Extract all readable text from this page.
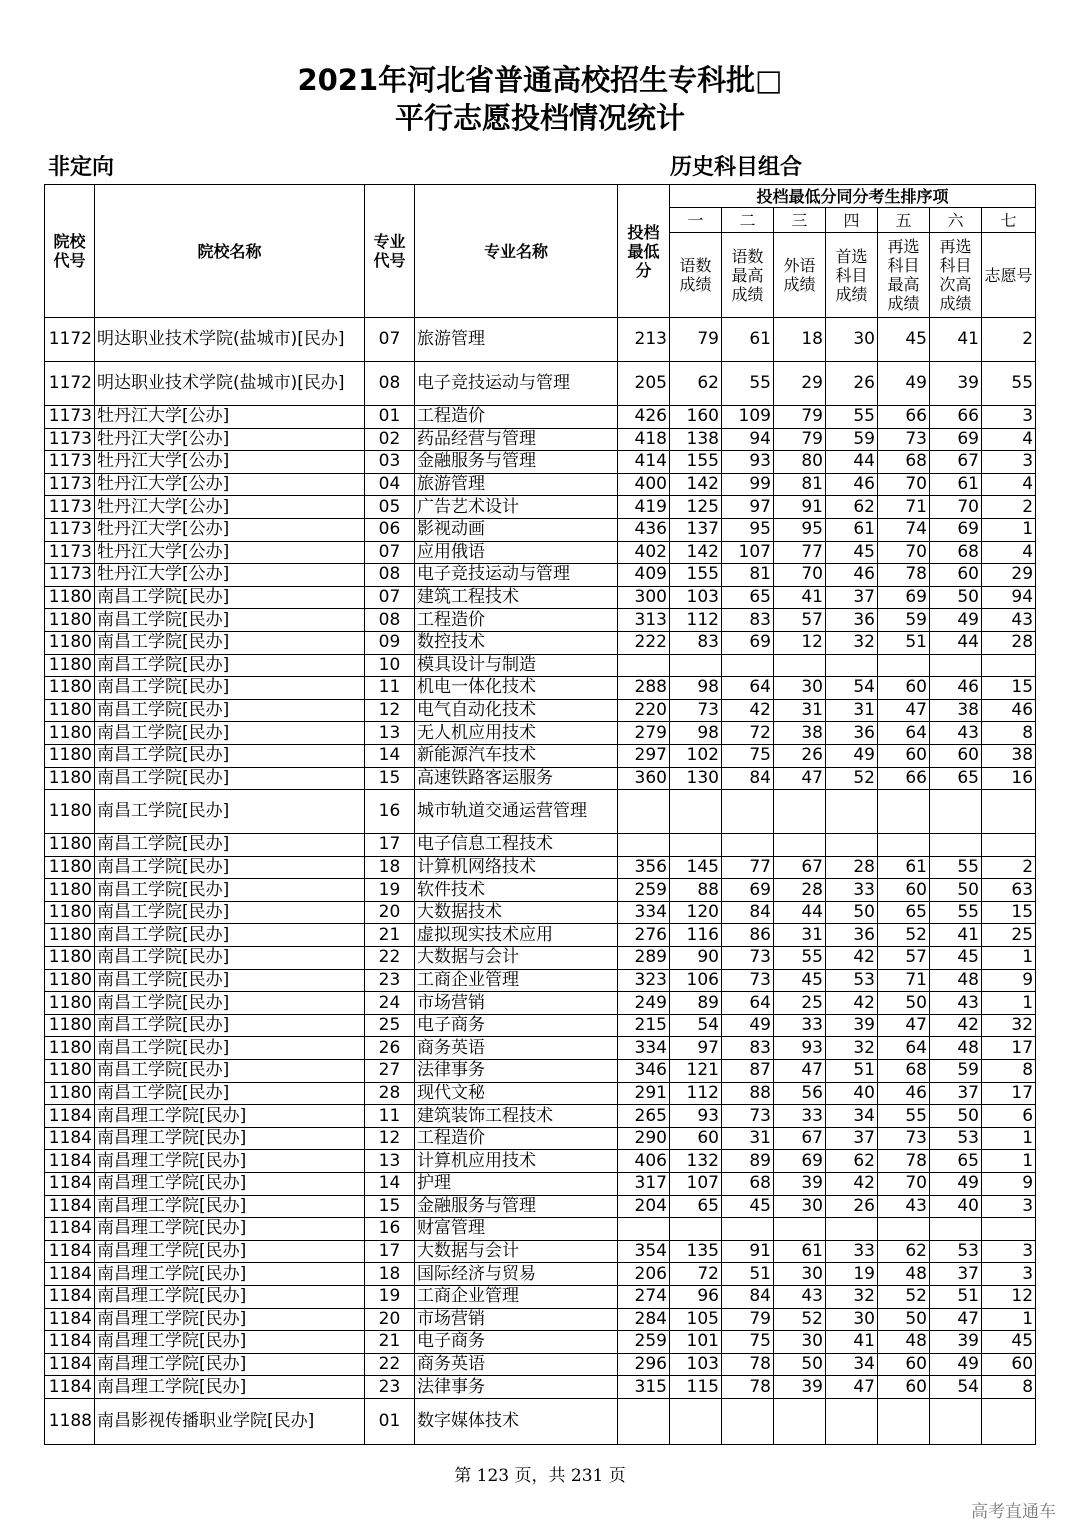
2021年河北省普通高校招生专科批□
平行志愿投档情况统计
非定向	历史科目组合
院校代号	院校名称	专业代号	专业名称	投档最低分	投档最低分同分考生排序项						
					一	二	三	四	五	六	七
					语数成绩	语数最高成绩	外语成绩	首选科目成绩	再选科目最高成绩	再选科目次高成绩	志愿号
1172	明达职业技术学院(盐城市)[民办]	07	旅游管理	213	79	61	18	30	45	41	2
1172	明达职业技术学院(盐城市)[民办]	08	电子竞技运动与管理	205	62	55	29	26	49	39	55
1173	牡丹江大学[公办]	01	工程造价	426	160	109	79	55	66	66	3
1173	牡丹江大学[公办]	02	药品经营与管理	418	138	94	79	59	73	69	4
1173	牡丹江大学[公办]	03	金融服务与管理	414	155	93	80	44	68	67	3
1173	牡丹江大学[公办]	04	旅游管理	400	142	99	81	46	70	61	4
1173	牡丹江大学[公办]	05	广告艺术设计	419	125	97	91	62	71	70	2
1173	牡丹江大学[公办]	06	影视动画	436	137	95	95	61	74	69	1
1173	牡丹江大学[公办]	07	应用俄语	402	142	107	77	45	70	68	4
1173	牡丹江大学[公办]	08	电子竞技运动与管理	409	155	81	70	46	78	60	29
1180	南昌工学院[民办]	07	建筑工程技术	300	103	65	41	37	69	50	94
1180	南昌工学院[民办]	08	工程造价	313	112	83	57	36	59	49	43
1180	南昌工学院[民办]	09	数控技术	222	83	69	12	32	51	44	28
1180	南昌工学院[民办]	10	模具设计与制造								
1180	南昌工学院[民办]	11	机电一体化技术	288	98	64	30	54	60	46	15
1180	南昌工学院[民办]	12	电气自动化技术	220	73	42	31	31	47	38	46
1180	南昌工学院[民办]	13	无人机应用技术	279	98	72	38	36	64	43	8
1180	南昌工学院[民办]	14	新能源汽车技术	297	102	75	26	49	60	60	38
1180	南昌工学院[民办]	15	高速铁路客运服务	360	130	84	47	52	66	65	16
1180	南昌工学院[民办]	16	城市轨道交通运营管理								
1180	南昌工学院[民办]	17	电子信息工程技术								
1180	南昌工学院[民办]	18	计算机网络技术	356	145	77	67	28	61	55	2
1180	南昌工学院[民办]	19	软件技术	259	88	69	28	33	60	50	63
1180	南昌工学院[民办]	20	大数据技术	334	120	84	44	50	65	55	15
1180	南昌工学院[民办]	21	虚拟现实技术应用	276	116	86	31	36	52	41	25
1180	南昌工学院[民办]	22	大数据与会计	289	90	73	55	42	57	45	1
1180	南昌工学院[民办]	23	工商企业管理	323	106	73	45	53	71	48	9
1180	南昌工学院[民办]	24	市场营销	249	89	64	25	42	50	43	1
1180	南昌工学院[民办]	25	电子商务	215	54	49	33	39	47	42	32
1180	南昌工学院[民办]	26	商务英语	334	97	83	93	32	64	48	17
1180	南昌工学院[民办]	27	法律事务	346	121	87	47	51	68	59	8
1180	南昌工学院[民办]	28	现代文秘	291	112	88	56	40	46	37	17
1184	南昌理工学院[民办]	11	建筑装饰工程技术	265	93	73	33	34	55	50	6
1184	南昌理工学院[民办]	12	工程造价	290	60	31	67	37	73	53	1
1184	南昌理工学院[民办]	13	计算机应用技术	406	132	89	69	62	78	65	1
1184	南昌理工学院[民办]	14	护理	317	107	68	39	42	70	49	9
1184	南昌理工学院[民办]	15	金融服务与管理	204	65	45	30	26	43	40	3
1184	南昌理工学院[民办]	16	财富管理								
1184	南昌理工学院[民办]	17	大数据与会计	354	135	91	61	33	62	53	3
1184	南昌理工学院[民办]	18	国际经济与贸易	206	72	51	30	19	48	37	3
1184	南昌理工学院[民办]	19	工商企业管理	274	96	84	43	32	52	51	12
1184	南昌理工学院[民办]	20	市场营销	284	105	79	52	30	50	47	1
1184	南昌理工学院[民办]	21	电子商务	259	101	75	30	41	48	39	45
1184	南昌理工学院[民办]	22	商务英语	296	103	78	50	34	60	49	60
1184	南昌理工学院[民办]	23	法律事务	315	115	78	39	47	60	54	8
1188	南昌影视传播职业学院[民办]	01	数字媒体技术								
第 123 页，共 231 页
高考直通车
